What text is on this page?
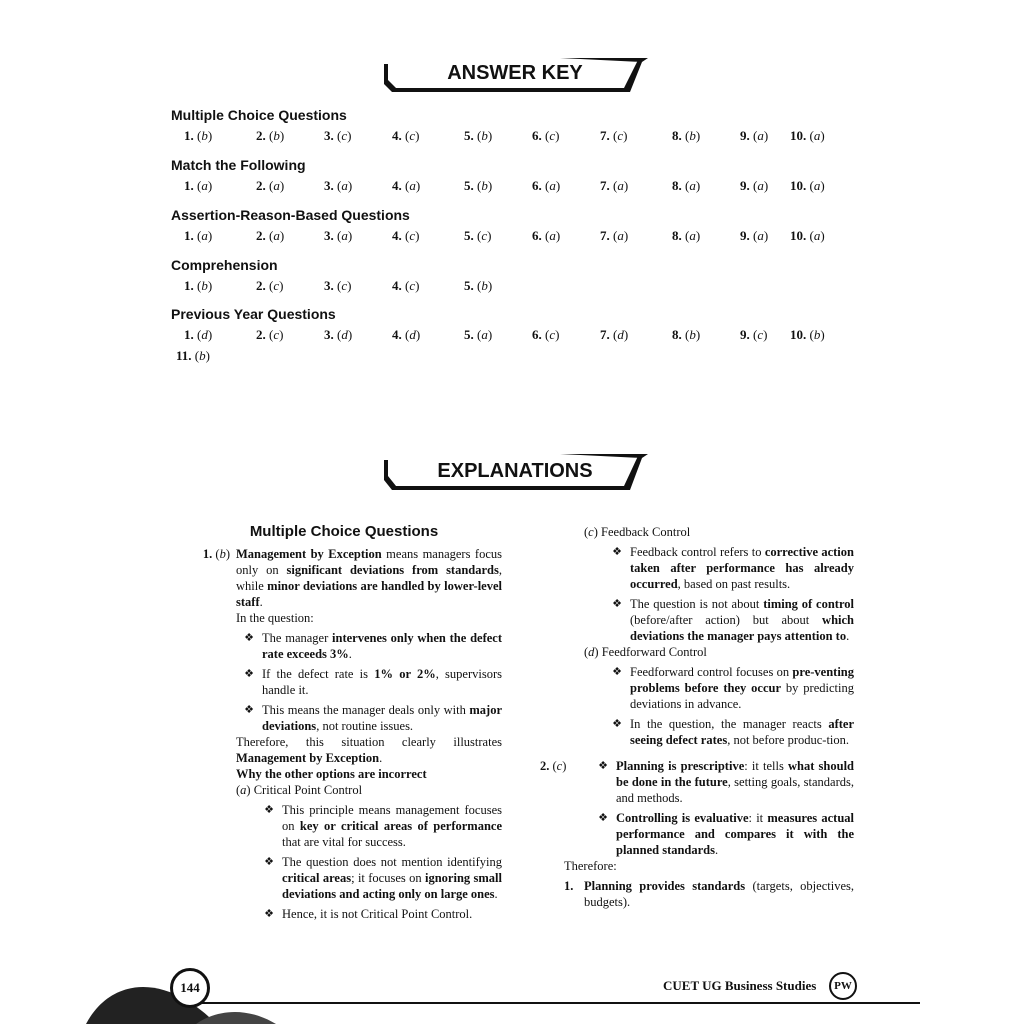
ANSWER KEY
Multiple Choice Questions
1. (b)	2. (b)	3. (c)	4. (c)	5. (b)	6. (c)	7. (c)	8. (b)	9. (a) 10. (a)
Match the Following
1. (a)	2. (a)	3. (a)	4. (a)	5. (b)	6. (a)	7. (a)	8. (a)	9. (a) 10. (a)
Assertion-Reason-Based Questions
1. (a)	2. (a)	3. (a)	4. (c)	5. (c)	6. (a)	7. (a)	8. (a)	9. (a) 10. (a)
Comprehension
1. (b)	2. (c)	3. (c)	4. (c)	5. (b)
Previous Year Questions
1. (d)	2. (c)	3. (d)	4. (d)	5. (a)	6. (c)	7. (d)	8. (b)	9. (c) 10. (b)
11. (b)
EXPLANATIONS
Multiple Choice Questions
1. (b) Management by Exception means managers focus only on significant deviations from standards, while minor deviations are handled by lower-level staff.

In the question:

❖ The manager intervenes only when the defect rate exceeds 3%.
❖ If the defect rate is 1% or 2%, supervisors handle it.
❖ This means the manager deals only with major deviations, not routine issues.

Therefore, this situation clearly illustrates Management by Exception.

Why the other options are incorrect

(a) Critical Point Control

❖ This principle means management focuses on key or critical areas of performance that are vital for success.
❖ The question does not mention identifying critical areas; it focuses on ignoring small deviations and acting only on large ones.
❖ Hence, it is not Critical Point Control.

(c) Feedback Control

❖ Feedback control refers to corrective action taken after performance has already occurred, based on past results.
❖ The question is not about timing of control (before/after action) but about which deviations the manager pays attention to.

(d) Feedforward Control

❖ Feedforward control focuses on pre-venting problems before they occur by predicting deviations in advance.
❖ In the question, the manager reacts after seeing defect rates, not before produc-tion.
2. (c)	❖ Planning is prescriptive: it tells what should be done in the future, setting goals, standards, and methods.
❖ Controlling is evaluative: it measures actual performance and compares it with the planned standards.

Therefore:

1. Planning provides standards (targets, objectives, budgets).

144	CUET UG Business Studies	PW
